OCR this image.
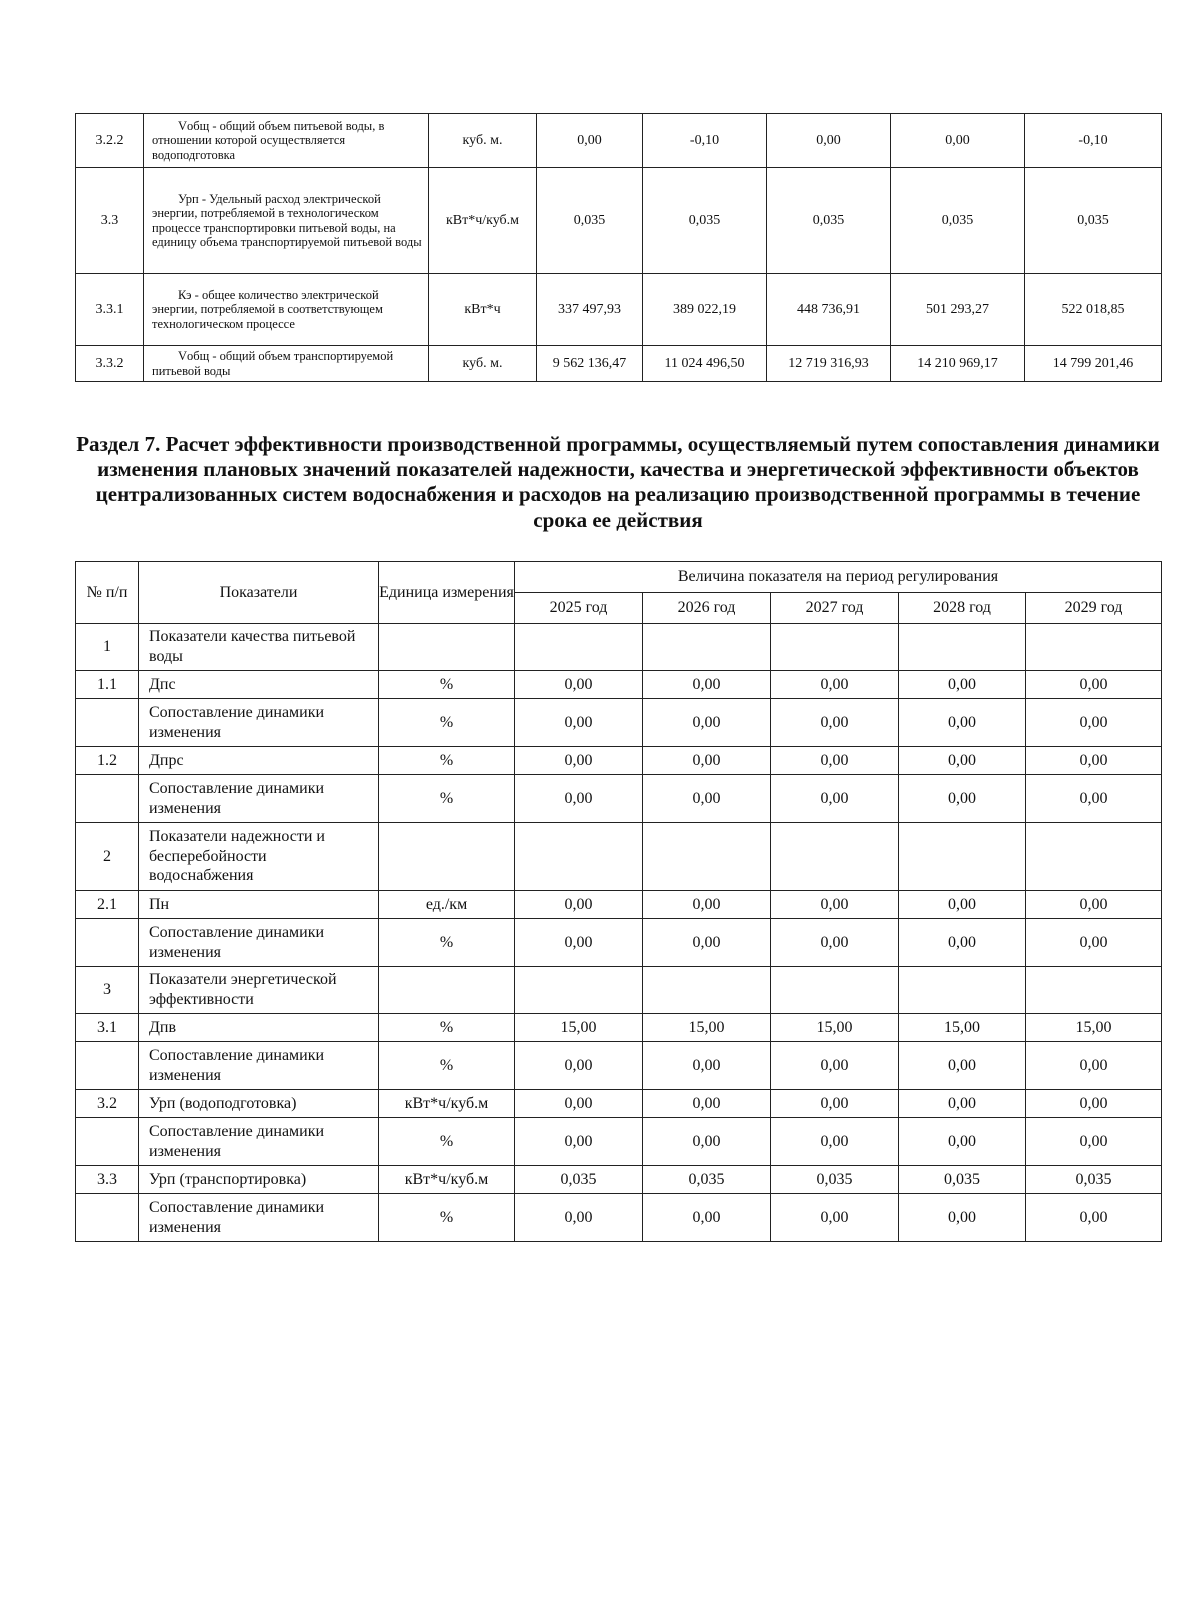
3.2.2	Vобщ - общий объем питьевой воды, в отношении которой осуществляется водоподготовка	куб. м.	0,00	-0,10	0,00	0,00	-0,10
3.3	Урп - Удельный расход электрической энергии, потребляемой в технологическом процессе транспортировки питьевой воды, на единицу объема транспортируемой питьевой воды	кВт*ч/куб.м	0,035	0,035	0,035	0,035	0,035
3.3.1	Кэ - общее количество электрической энергии, потребляемой в соответствующем технологическом процессе	кВт*ч	337 497,93	389 022,19	448 736,91	501 293,27	522 018,85
3.3.2	Vобщ - общий объем транспортируемой питьевой воды	куб. м.	9 562 136,47	11 024 496,50	12 719 316,93	14 210 969,17	14 799 201,46
Раздел 7. Расчет эффективности производственной программы, осуществляемый путем сопоставления динамики изменения плановых значений показателей надежности, качества и энергетической эффективности объектов централизованных систем водоснабжения и расходов на реализацию производственной программы в течение срока ее действия
№ п/п	Показатели	Единица измерения	Величина показателя на период регулирования				
			2025 год	2026 год	2027 год	2028 год	2029 год
1	Показатели качества питьевой воды						
1.1	Дпс	%	0,00	0,00	0,00	0,00	0,00
	Сопоставление динамики изменения	%	0,00	0,00	0,00	0,00	0,00
1.2	Дпрс	%	0,00	0,00	0,00	0,00	0,00
	Сопоставление динамики изменения	%	0,00	0,00	0,00	0,00	0,00
2	Показатели надежности и бесперебойности водоснабжения						
2.1	Пн	ед./км	0,00	0,00	0,00	0,00	0,00
	Сопоставление динамики изменения	%	0,00	0,00	0,00	0,00	0,00
3	Показатели энергетической эффективности						
3.1	Дпв	%	15,00	15,00	15,00	15,00	15,00
	Сопоставление динамики изменения	%	0,00	0,00	0,00	0,00	0,00
3.2	Урп (водоподготовка)	кВт*ч/куб.м	0,00	0,00	0,00	0,00	0,00
	Сопоставление динамики изменения	%	0,00	0,00	0,00	0,00	0,00
3.3	Урп (транспортировка)	кВт*ч/куб.м	0,035	0,035	0,035	0,035	0,035
	Сопоставление динамики изменения	%	0,00	0,00	0,00	0,00	0,00
